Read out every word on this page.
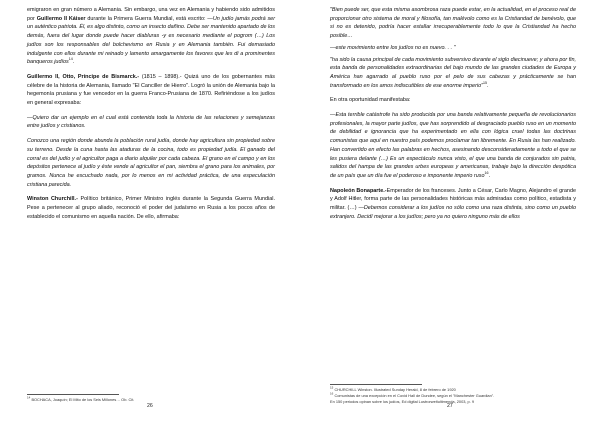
emigraron en gran número a Alemania. Sin embargo, una vez en Alemania y habiendo sido admitidos por Guillermo II Káiser durante la Primera Guerra Mundial, está escrito: —Un judío jamás podrá ser un auténtico patriota. Él, es algo distinto, como un insecto dañino. Debe ser mantenido apartado de los demás, fuera del lugar donde puede hacer diabluras -y es necesario mediante el pogrom (…) Los judíos son los responsables del bolchevismo en Rusia y en Alemania también. Fui demasiado indulgente con ellos durante mi reinado y lamento amargamente los favores que les di a prominentes banqueros judíos$^{14}$.

Guillermo II, Otto, Príncipe de Bismarck.- (1815 – 1898).- Quizá uno de los gobernantes más célebre de la historia de Alemania, llamado "El Canciller de Hierro". Logró la unión de Alemania bajo la hegemonía prusiana y fue vencedor en la guerra Franco-Prusiana de 1870. Refiriéndose a los judíos en general expresaba:

—Quiero dar un ejemplo en el cual está contenida toda la historia de las relaciones y semejanzas entre judíos y cristianos.

Conozco una región donde abunda la población rural judía, donde hay agricultura sin propiedad sobre su terreno. Desde la cuna hasta las ataduras de la cocina, todo es propiedad judía. El ganado del corral es del judío y el agricultor paga a diario alquiler por cada cabeza. El grano en el campo y en los depósitos pertenece al judío y éste vende al agricultor el pan, siembra el grano para los animales, por gramos. Nunca he escuchado nada, por lo menos en mi actividad práctica, de una especulación cristiana parecida.

Winston Churchill.- Político británico, Primer Ministro inglés durante la Segunda Guerra Mundial. Pese a pertenecer al grupo aliado, reconoció el poder del judaísmo en Rusia a los pocos años de establecido el comunismo en aquella nación. De ello, afirmaba:

$^{14}$ BOCHACA, Joaquín; El Mito de los Seis Millones… Ob. Cit.
26

"Bien puede ser, que esta misma asombrosa raza puede estar, en la actualidad, en el proceso real de proporcionar otro sistema de moral y filosofía, tan malévolo como es la Cristiandad de benévolo, que si no es detenido, podría hacer estallar irrecuperablemente todo lo que la Cristiandad ha hecho posible…

—este movimiento entre los judíos no es nuevo. . . "

"ha sido la causa principal de cada movimiento subversivo durante el siglo diecinueve; y ahora por fin, esta banda de personalidades extraordinarias del bajo mundo de las grandes ciudades de Europa y América han agarrado al pueblo ruso por el pelo de sus cabezas y prácticamente se han transformado en los amos indiscutibles de ese enorme imperio"$^{15}$.

En otra oportunidad manifestaba:

—Esta terrible catástrofe ha sido producida por una banda relativamente pequeña de revolucionarios profesionales, la mayor parte judíos, que has sorprendido al desgraciado pueblo ruso en un momento de debilidad e ignorancia que ha experimentado en ella con lógica cruel todas las doctrinas comunistas que aquí en nuestro país podemos proclamar tan libremente. En Rusia las han realizado. Han convertido en efecto las palabras en hechos, asesinando desconsideradamente a todo el que se les pusiera delante (…) Es un espectáculo nunca visto, el que una banda de conjurados sin patria, salidos del hampa de las grandes urbes europeas y americanas, trabaje bajo la dirección despótica de un país que un día fue el poderoso e imponente imperio ruso$^{16}$.

Napoleón Bonaparte.-Emperador de los franceses. Junto a César, Carlo Magno, Alejandro el grande y Adolf Hitler, forma parte de las personalidades históricas más admiradas como político, estadista y militar. (…) —Debemos considerar a los judíos no sólo como una raza distinta, sino como un pueblo extranjero. Decidí mejorar a los judíos; pero ya no quiero ninguno más de ellos

$^{15}$ CHURCHILL Winston. Illustrated Sunday Herald, 8 de febrero de 1920
$^{16}$ Comunistas de una excepción en el Covid Hall de Dundee, según el "Manchester Guardian".
En 150 periodos opinan sobre los judíos, Ed digital Lustrorweltultimenda, 2003, p. 9
27
